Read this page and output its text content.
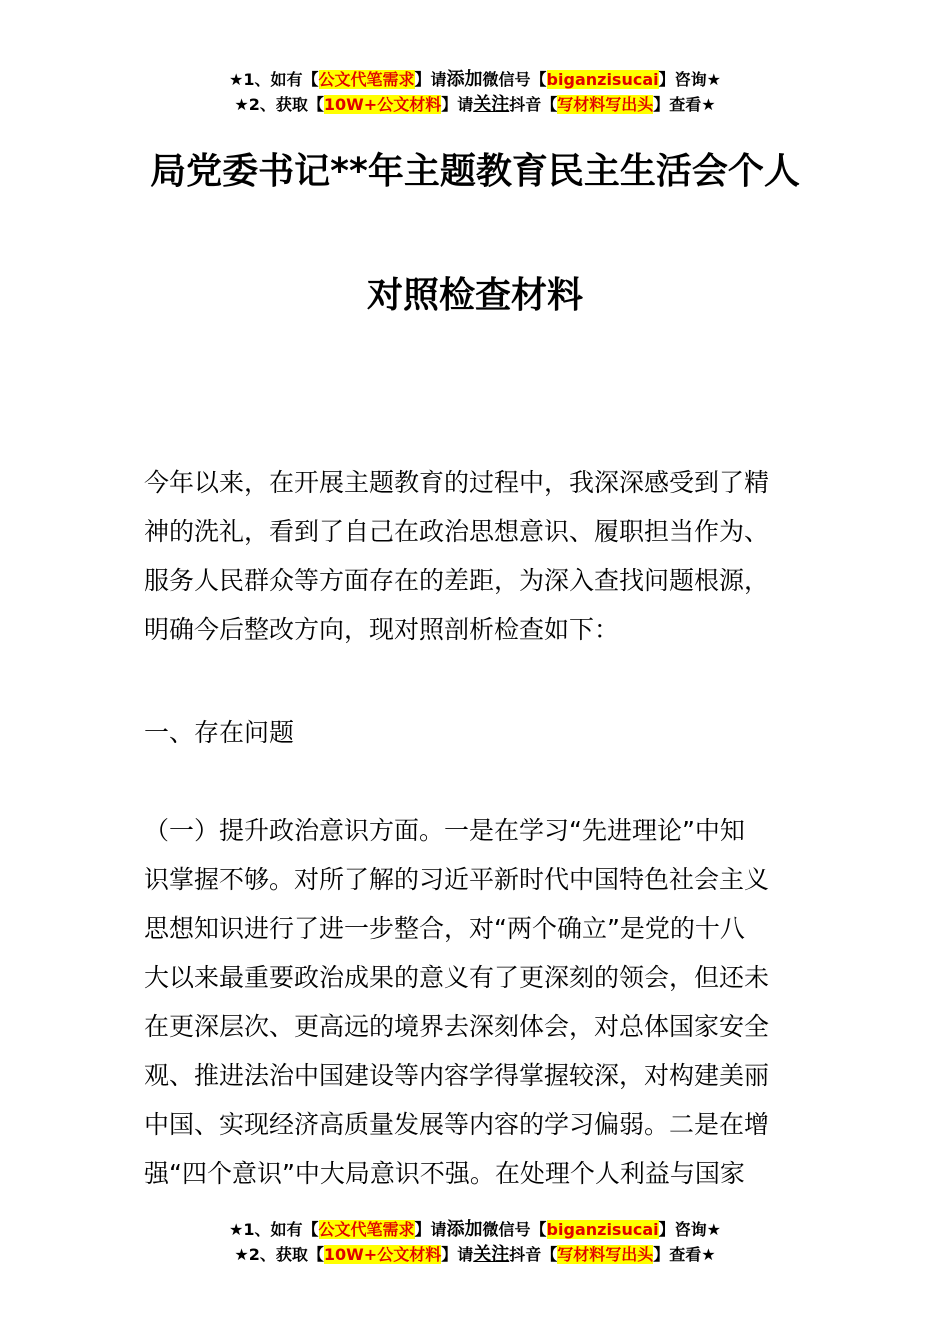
★1、如有【公文代笔需求】请添加微信号【biganzisucai】咨询★
★2、获取【10W+公文材料】请关注抖音【写材料写出头】查看★
局党委书记**年主题教育民主生活会个人
对照检查材料
今年以来，在开展主题教育的过程中，我深深感受到了精
神的洗礼，看到了自己在政治思想意识、履职担当作为、
服务人民群众等方面存在的差距，为深入查找问题根源，
明确今后整改方向，现对照剖析检查如下：
一、存在问题
（一）提升政治意识方面。一是在学习“先进理论”中知
识掌握不够。对所了解的习近平新时代中国特色社会主义
思想知识进行了进一步整合，对“两个确立”是党的十八
大以来最重要政治成果的意义有了更深刻的领会，但还未
在更深层次、更高远的境界去深刻体会，对总体国家安全
观、推进法治中国建设等内容学得掌握较深，对构建美丽
中国、实现经济高质量发展等内容的学习偏弱。二是在增
强“四个意识”中大局意识不强。在处理个人利益与国家
★1、如有【公文代笔需求】请添加微信号【biganzisucai】咨询★
★2、获取【10W+公文材料】请关注抖音【写材料写出头】查看★
